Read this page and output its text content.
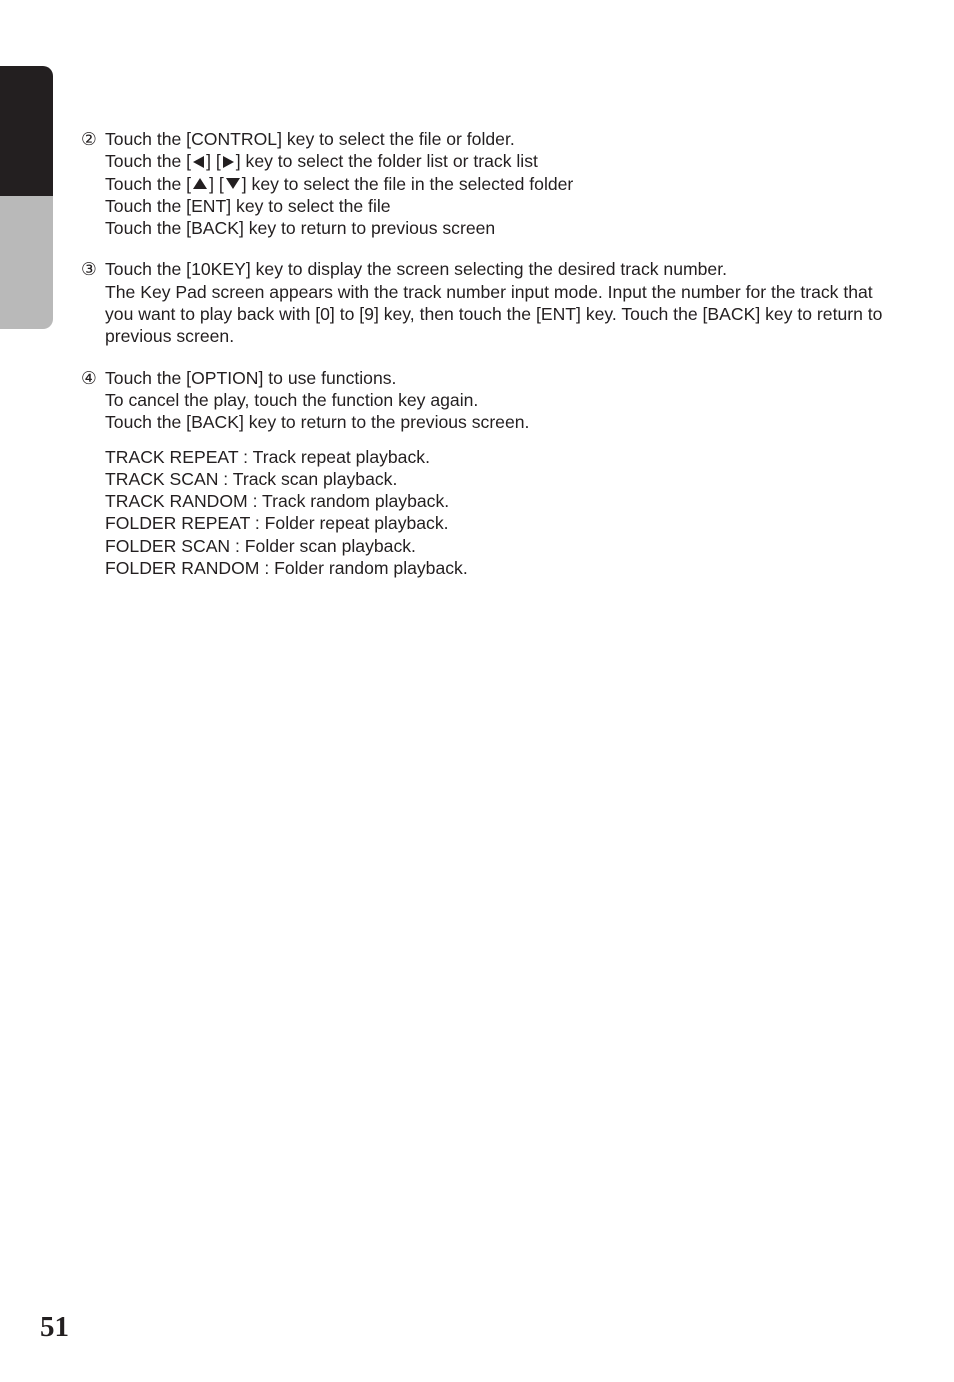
② Touch the [CONTROL] key to select the file or folder.
Touch the [ ] [ ] key to select the folder list or track list
Touch the [ ] [ ] key to select the file in the selected folder
Touch the [ENT] key to select the file
Touch the [BACK] key to return to previous screen
③ Touch the [10KEY] key to display the screen selecting the desired track number.
The Key Pad screen appears with the track number input mode. Input the number for the track that you want to play back with [0] to [9] key, then touch the [ENT] key. Touch the [BACK] key to return to previous screen.
④ Touch the [OPTION] to use functions.
To cancel the play, touch the function key again.
Touch the [BACK] key to return to the previous screen.
TRACK REPEAT : Track repeat playback.
TRACK SCAN : Track scan playback.
TRACK RANDOM : Track random playback.
FOLDER REPEAT : Folder repeat playback.
FOLDER SCAN : Folder scan playback.
FOLDER RANDOM : Folder random playback.
51
